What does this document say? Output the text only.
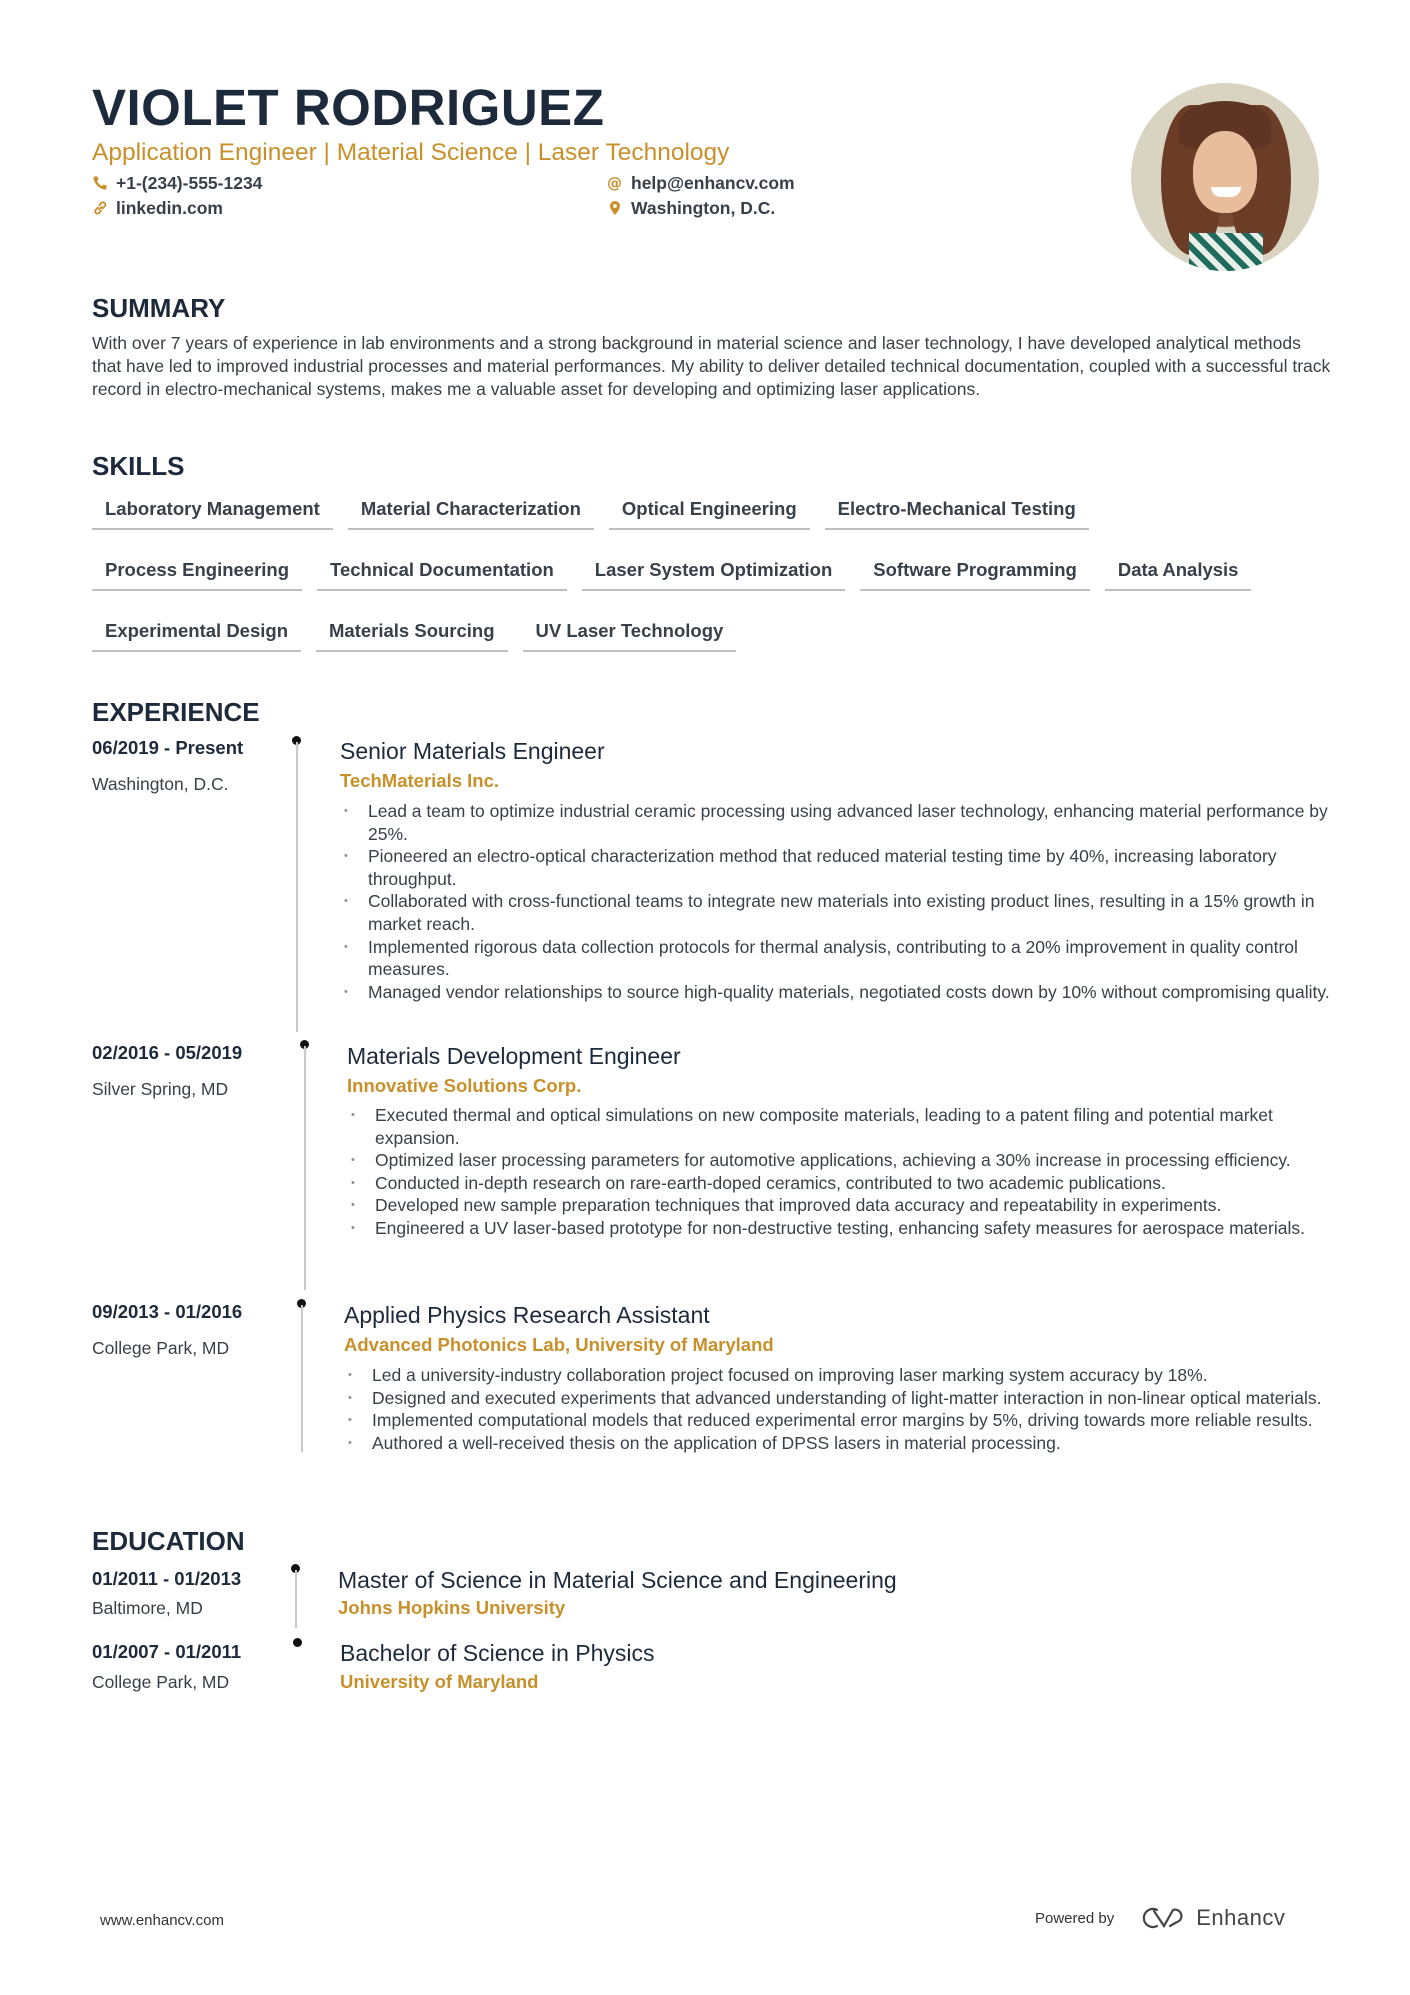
VIOLET RODRIGUEZ
Application Engineer | Material Science | Laser Technology
+1-(234)-555-1234
linkedin.com
@ help@enhancv.com
Washington, D.C.
SUMMARY
With over 7 years of experience in lab environments and a strong background in material science and laser technology, I have developed analytical methods that have led to improved industrial processes and material performances. My ability to deliver detailed technical documentation, coupled with a successful track record in electro-mechanical systems, makes me a valuable asset for developing and optimizing laser applications.
SKILLS
Laboratory Management	Material Characterization	Optical Engineering	Electro-Mechanical Testing
Process Engineering	Technical Documentation	Laser System Optimization	Software Programming	Data Analysis
Experimental Design	Materials Sourcing	UV Laser Technology
EXPERIENCE
06/2019 - Present
Washington, D.C.
Senior Materials Engineer
TechMaterials Inc.
• Lead a team to optimize industrial ceramic processing using advanced laser technology, enhancing material performance by 25%.
• Pioneered an electro-optical characterization method that reduced material testing time by 40%, increasing laboratory throughput.
• Collaborated with cross-functional teams to integrate new materials into existing product lines, resulting in a 15% growth in market reach.
• Implemented rigorous data collection protocols for thermal analysis, contributing to a 20% improvement in quality control measures.
• Managed vendor relationships to source high-quality materials, negotiated costs down by 10% without compromising quality.
02/2016 - 05/2019
Silver Spring, MD
Materials Development Engineer
Innovative Solutions Corp.
• Executed thermal and optical simulations on new composite materials, leading to a patent filing and potential market expansion.
• Optimized laser processing parameters for automotive applications, achieving a 30% increase in processing efficiency.
• Conducted in-depth research on rare-earth-doped ceramics, contributed to two academic publications.
• Developed new sample preparation techniques that improved data accuracy and repeatability in experiments.
• Engineered a UV laser-based prototype for non-destructive testing, enhancing safety measures for aerospace materials.
09/2013 - 01/2016
College Park, MD
Applied Physics Research Assistant
Advanced Photonics Lab, University of Maryland
• Led a university-industry collaboration project focused on improving laser marking system accuracy by 18%.
• Designed and executed experiments that advanced understanding of light-matter interaction in non-linear optical materials.
• Implemented computational models that reduced experimental error margins by 5%, driving towards more reliable results.
• Authored a well-received thesis on the application of DPSS lasers in material processing.
EDUCATION
01/2011 - 01/2013
Baltimore, MD
Master of Science in Material Science and Engineering
Johns Hopkins University
01/2007 - 01/2011
College Park, MD
Bachelor of Science in Physics
University of Maryland
www.enhancv.com	Powered by	Enhancv
